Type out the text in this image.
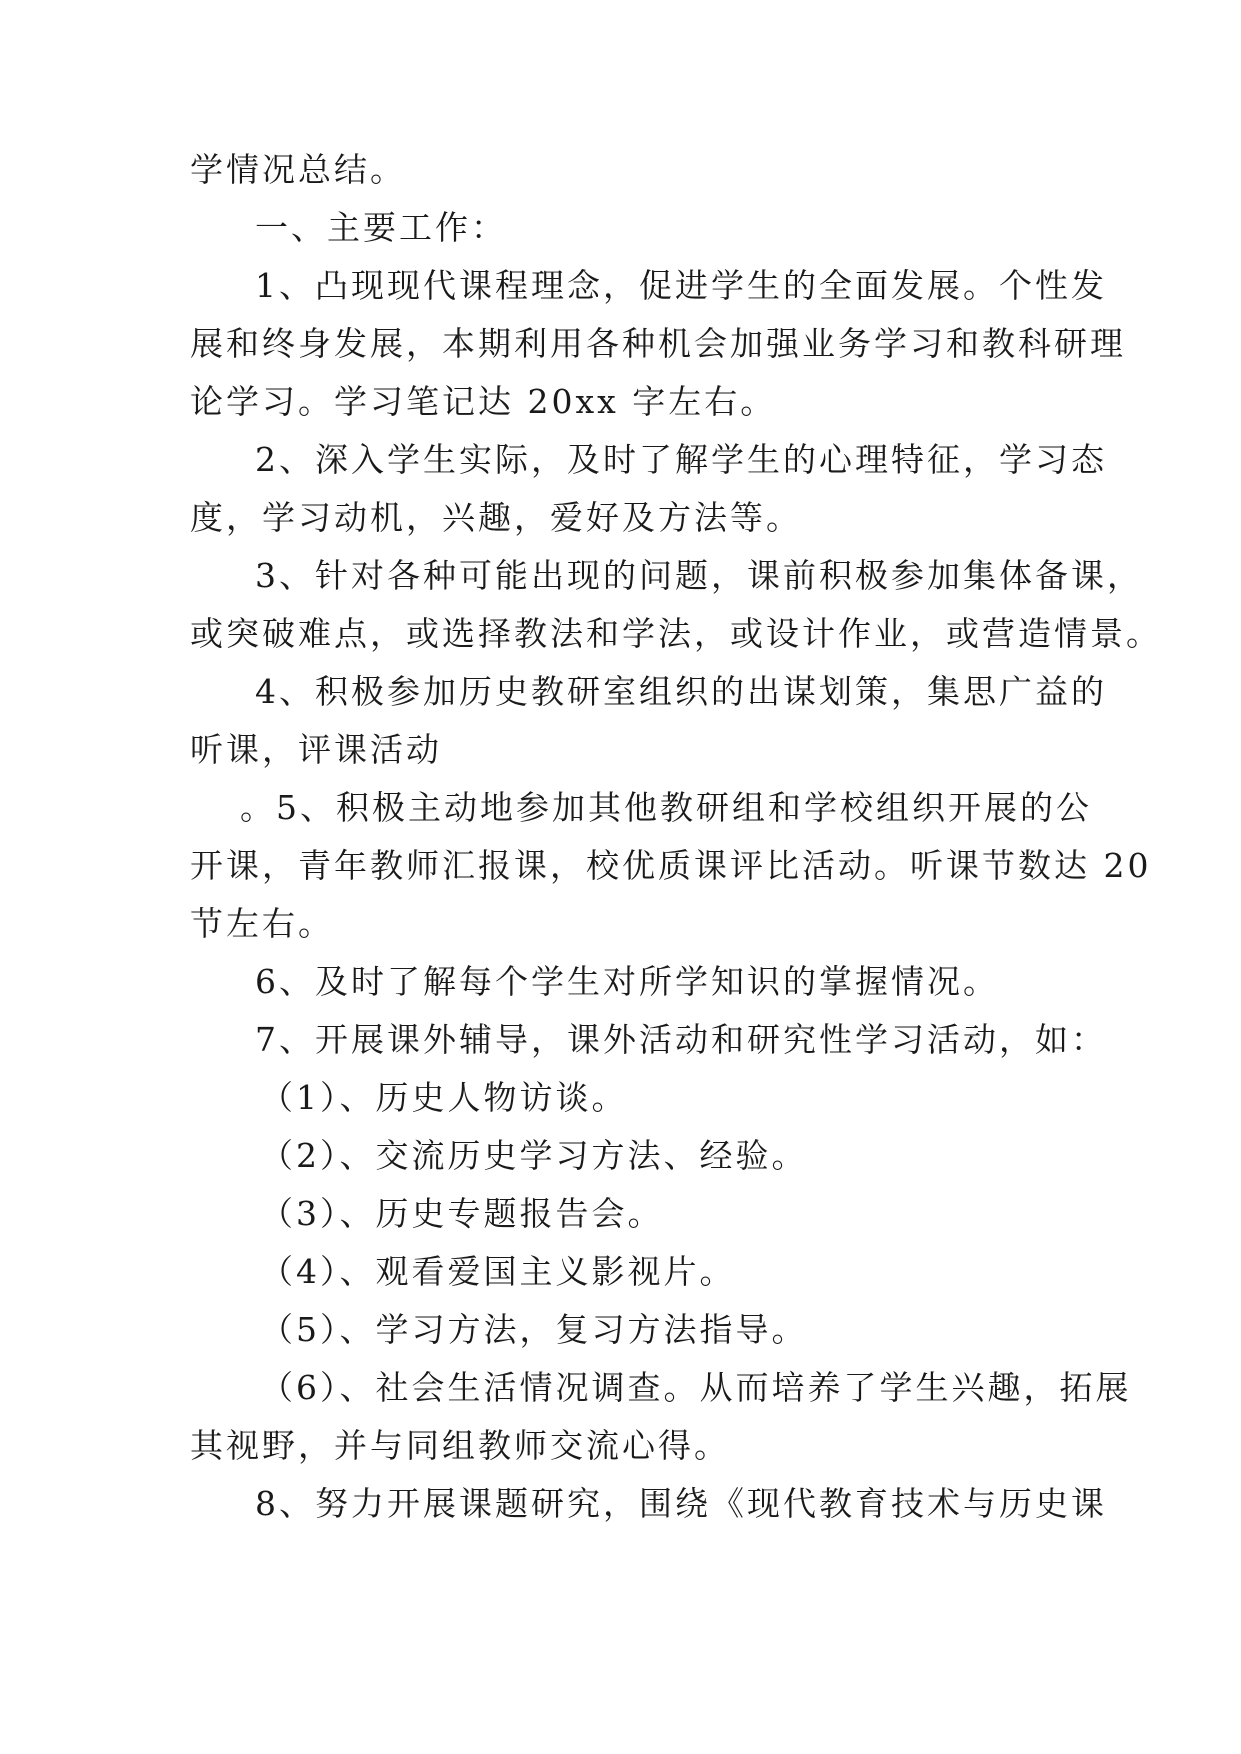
学情况总结。
一、主要工作：
1、凸现现代课程理念，促进学生的全面发展。个性发
展和终身发展，本期利用各种机会加强业务学习和教科研理
论学习。学习笔记达 20xx 字左右。
2、深入学生实际，及时了解学生的心理特征，学习态
度，学习动机，兴趣，爱好及方法等。
3、针对各种可能出现的问题，课前积极参加集体备课，
或突破难点，或选择教法和学法，或设计作业，或营造情景。
4、积极参加历史教研室组织的出谋划策，集思广益的
听课，评课活动
。5、积极主动地参加其他教研组和学校组织开展的公
开课，青年教师汇报课，校优质课评比活动。听课节数达 20
节左右。
6、及时了解每个学生对所学知识的掌握情况。
7、开展课外辅导，课外活动和研究性学习活动，如：
（1）、历史人物访谈。
（2）、交流历史学习方法、经验。
（3）、历史专题报告会。
（4）、观看爱国主义影视片。
（5）、学习方法，复习方法指导。
（6）、社会生活情况调查。从而培养了学生兴趣，拓展
其视野，并与同组教师交流心得。
8、努力开展课题研究，围绕《现代教育技术与历史课
